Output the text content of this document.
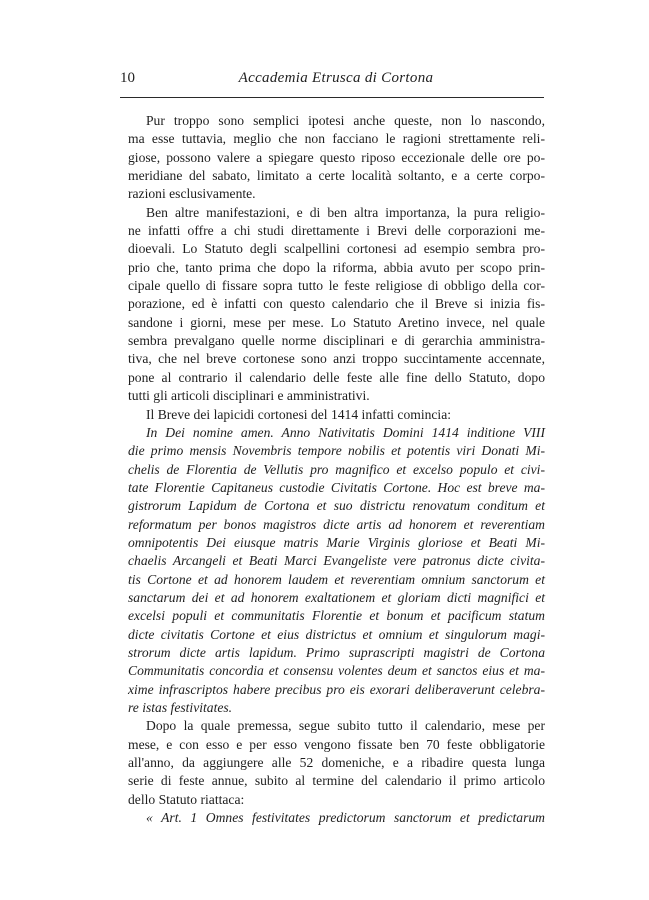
10	Accademia Etrusca di Cortona

Pur troppo sono semplici ipotesi anche queste, non lo nascondo,
ma esse tuttavia, meglio che non facciano le ragioni strettamente reli-
giose, possono valere a spiegare questo riposo eccezionale delle ore po-
meridiane del sabato, limitato a certe località soltanto, e a certe corpo-
razioni esclusivamente.

Ben altre manifestazioni, e di ben altra importanza, la pura religio-
ne infatti offre a chi studi direttamente i Brevi delle corporazioni me-
dioevali. Lo Statuto degli scalpellini cortonesi ad esempio sembra pro-
prio che, tanto prima che dopo la riforma, abbia avuto per scopo prin-
cipale quello di fissare sopra tutto le feste religiose di obbligo della cor-
porazione, ed è infatti con questo calendario che il Breve si inizia fis-
sandone i giorni, mese per mese. Lo Statuto Aretino invece, nel quale
sembra prevalgano quelle norme disciplinari e di gerarchia amministra-
tiva, che nel breve cortonese sono anzi troppo succintamente accennate,
pone al contrario il calendario delle feste alle fine dello Statuto, dopo
tutti gli articoli disciplinari e amministrativi.

Il Breve dei lapicidi cortonesi del 1414 infatti comincia:

In Dei nomine amen. Anno Nativitatis Domini 1414 inditione VIII
die primo mensis Novembris tempore nobilis et potentis viri Donati Mi-
chelis de Florentia de Vellutis pro magnifico et excelso populo et civi-
tate Florentie Capitaneus custodie Civitatis Cortone. Hoc est breve ma-
gistrorum Lapidum de Cortona et suo districtu renovatum conditum et
reformatum per bonos magistros dicte artis ad honorem et reverentiam
omnipotentis Dei eiusque matris Marie Virginis gloriose et Beati Mi-
chaelis Arcangeli et Beati Marci Evangeliste vere patronus dicte civita-
tis Cortone et ad honorem laudem et reverentiam omnium sanctorum et
sanctarum dei et ad honorem exaltationem et gloriam dicti magnifici et
excelsi populi et communitatis Florentie et bonum et pacificum statum
dicte civitatis Cortone et eius districtus et omnium et singulorum magi-
strorum dicte artis lapidum. Primo suprascripti magistri de Cortona
Communitatis concordia et consensu volentes deum et sanctos eius et ma-
xime infrascriptos habere precibus pro eis exorari deliberaverunt celebra-
re istas festivitates.

Dopo la quale premessa, segue subito tutto il calendario, mese per
mese, e con esso e per esso vengono fissate ben 70 feste obbligatorie
all'anno, da aggiungere alle 52 domeniche, e a ribadire questa lunga
serie di feste annue, subito al termine del calendario il primo articolo
dello Statuto riattaca:

« Art. 1 Omnes festivitates predictorum sanctorum et predictarum
